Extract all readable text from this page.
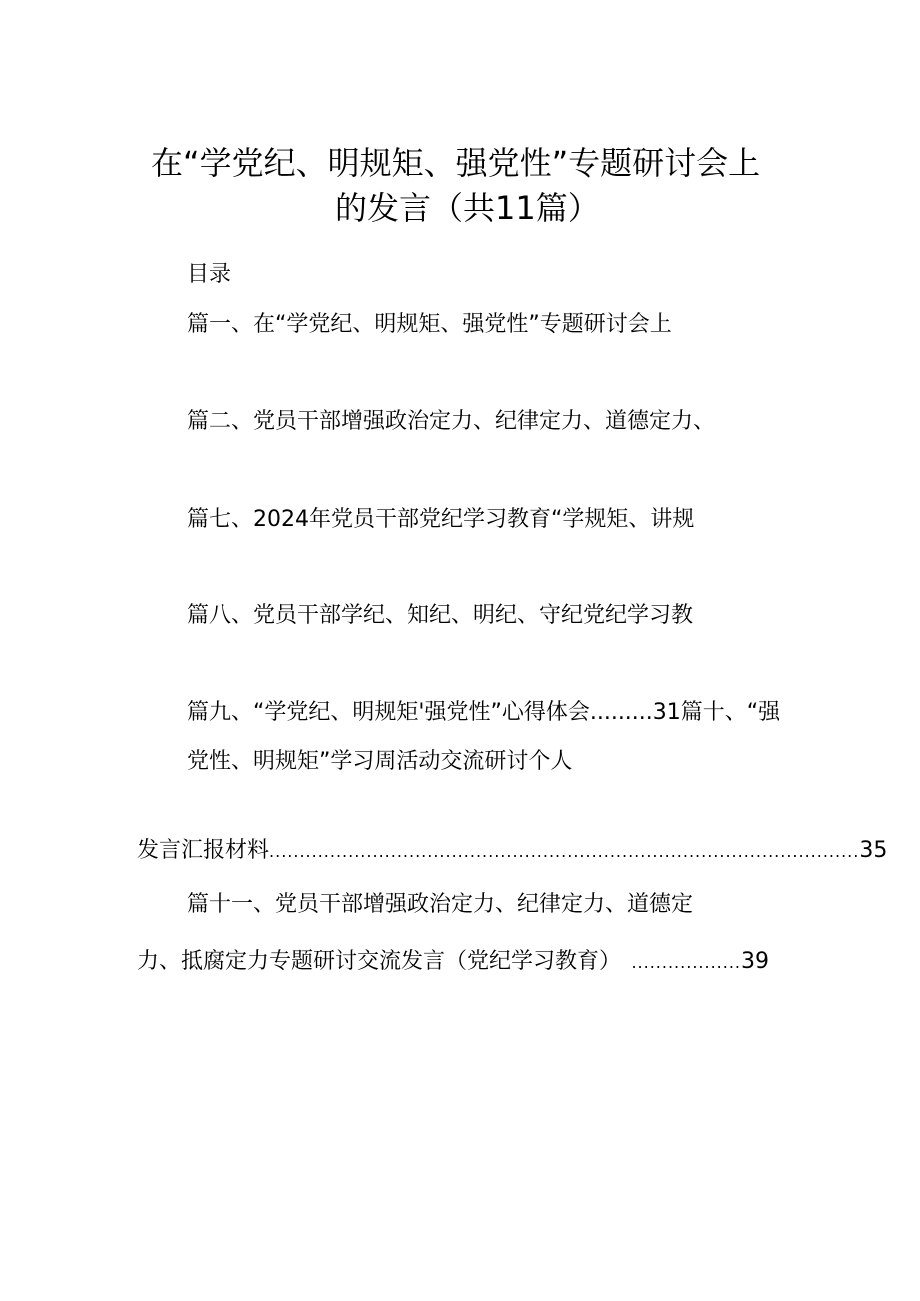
在“学党纪、明规矩、强党性”专题研讨会上
的发言（共11篇）
目录
篇一、在“学党纪、明规矩、强党性”专题研讨会上
篇二、党员干部增强政治定力、纪律定力、道德定力、
篇七、2024年党员干部党纪学习教育“学规矩、讲规
篇八、党员干部学纪、知纪、明纪、守纪党纪学习教
篇九、“学党纪、明规矩'强党性”心得体会.........31篇十、“强
党性、明规矩”学习周活动交流研讨个人
发言汇报材料 ................................................................................................. 35
篇十一、党员干部增强政治定力、纪律定力、道德定
力、抵腐定力专题研讨交流发言（党纪学习教育） .................. 39
